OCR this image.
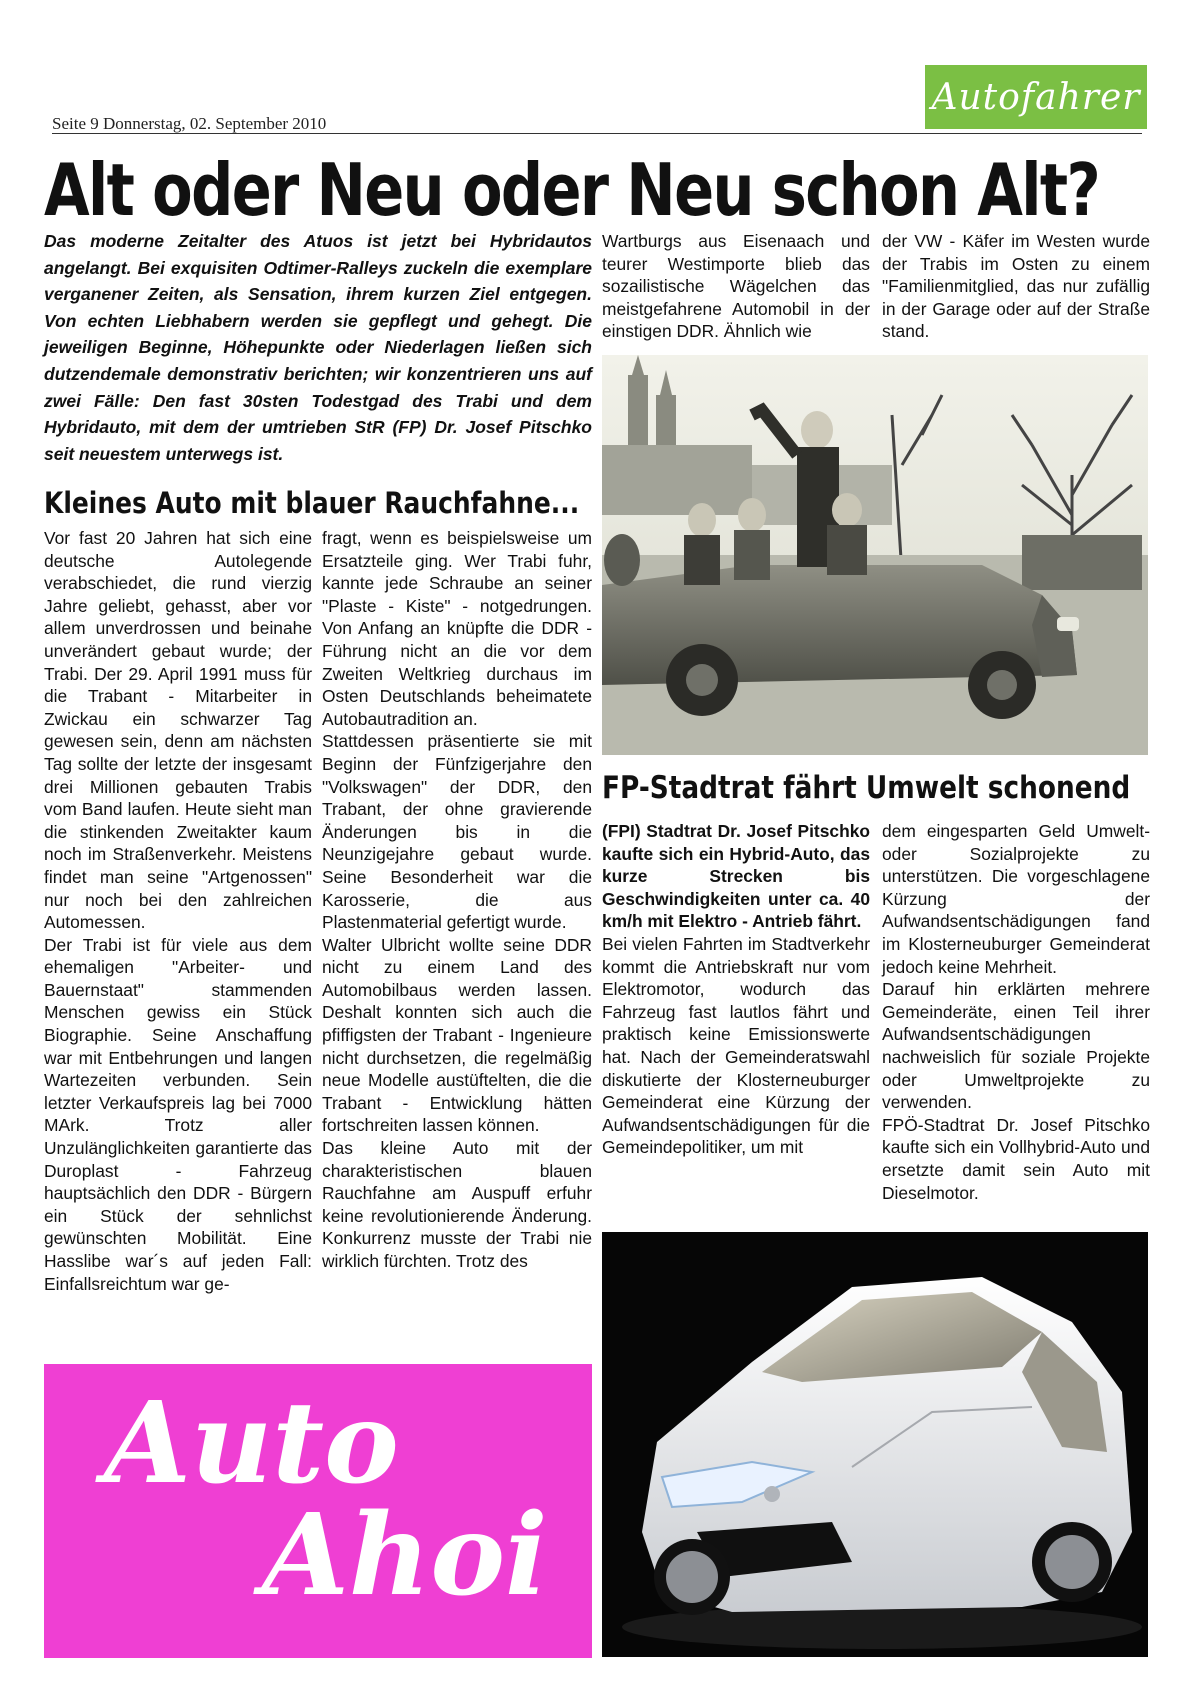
Seite 9 Donnerstag, 02. September 2010
Autofahrer
Alt oder Neu oder Neu schon Alt?
Das moderne Zeitalter des Atuos ist jetzt bei Hybridautos angelangt. Bei exquisiten Odtimer-Ralleys zuckeln die exemplare verganener Zeiten, als Sensation, ihrem kurzen Ziel entgegen. Von echten Liebhabern werden sie gepflegt und gehegt. Die jeweiligen Beginne, Höhepunkte oder Niederlagen ließen sich dutzendemale demonstrativ berichten; wir konzentrieren uns auf zwei Fälle: Den fast 30sten Todestgad des Trabi und dem Hybridauto, mit dem der umtrieben StR (FP) Dr. Josef Pitschko seit neuestem unterwegs ist.
Kleines Auto mit blauer Rauchfahne...

Vor fast 20 Jahren hat sich eine deutsche Autolegende verabschiedet, die rund vierzig Jahre geliebt, gehasst, aber vor allem unverdrossen und beinahe unverändert gebaut wurde; der Trabi. Der 29. April 1991 muss für die Trabant - Mitarbeiter in Zwickau ein schwarzer Tag gewesen sein, denn am nächsten Tag sollte der letzte der insgesamt drei Millionen gebauten Trabis vom Band laufen. Heute sieht man die stinkenden Zweitakter kaum noch im Straßenverkehr. Meistens findet man seine "Artgenossen" nur noch bei den zahlreichen Automessen.

Der Trabi ist für viele aus dem ehemaligen "Arbeiter- und Bauernstaat" stammenden Menschen gewiss ein Stück Biographie. Seine Anschaffung war mit Entbehrungen und langen Wartezeiten verbunden. Sein letzter Verkaufspreis lag bei 7000 MArk. Trotz aller Unzulänglichkeiten garantierte das Duroplast - Fahrzeug hauptsächlich den DDR - Bürgern ein Stück der sehnlichst gewünschten Mobilität. Eine Hasslibe war´s auf jeden Fall: Einfallsreichtum war ge-

fragt, wenn es beispielsweise um Ersatzteile ging. Wer Trabi fuhr, kannte jede Schraube an seiner "Plaste - Kiste" - notgedrungen. Von Anfang an knüpfte die DDR - Führung nicht an die vor dem Zweiten Weltkrieg durchaus im Osten Deutschlands beheimatete Autobautradition an.

Stattdessen präsentierte sie mit Beginn der Fünfzigerjahre den "Volkswagen" der DDR, den Trabant, der ohne gravierende Änderungen bis in die Neunzigejahre gebaut wurde. Seine Besonderheit war die Karosserie, die aus Plastenmaterial gefertigt wurde.

Walter Ulbricht wollte seine DDR nicht zu einem Land des Automobilbaus werden lassen. Deshalt konnten sich auch die pfiffigsten der Trabant - Ingenieure nicht durchsetzen, die regelmäßig neue Modelle austüftelten, die die Trabant - Entwicklung hätten fortschreiten lassen können.

Das kleine Auto mit der charakteristischen blauen Rauchfahne am Auspuff erfuhr keine revolutionierende Änderung. Konkurrenz musste der Trabi nie wirklich fürchten. Trotz des

Wartburgs aus Eisenaach und teurer Westimporte blieb das sozailistische Wägelchen das meistgefahrene Automobil in der einstigen DDR. Ähnlich wie

der VW - Käfer im Westen wurde der Trabis im Osten zu einem "Familienmitglied, das nur zufällig in der Garage oder auf der Straße stand.

FP-Stadtrat fährt Umwelt schonend

(FPI) Stadtrat Dr. Josef Pitschko kaufte sich ein Hybrid-Auto, das kurze Strecken bis Geschwindigkeiten unter ca. 40 km/h mit Elektro - Antrieb fährt.

Bei vielen Fahrten im Stadtverkehr kommt die Antriebskraft nur vom Elektromotor, wodurch das Fahrzeug fast lautlos fährt und praktisch keine Emissionswerte hat. Nach der Gemeinderatswahl diskutierte der Klosterneuburger Gemeinderat eine Kürzung der Aufwandsentschädigungen für die Gemeindepolitiker, um mit

dem eingesparten Geld Umwelt- oder Sozialprojekte zu unterstützen. Die vorgeschlagene Kürzung der Aufwandsentschädigungen fand im Klosterneuburger Gemeinderat jedoch keine Mehrheit.

Darauf hin erklärten mehrere Gemeinderäte, einen Teil ihrer Aufwandsentschädigungen nachweislich für soziale Projekte oder Umweltprojekte zu verwenden.

FPÖ-Stadtrat Dr. Josef Pitschko kaufte sich ein Vollhybrid-Auto und ersetzte damit sein Auto mit Dieselmotor.

Auto
Ahoi
